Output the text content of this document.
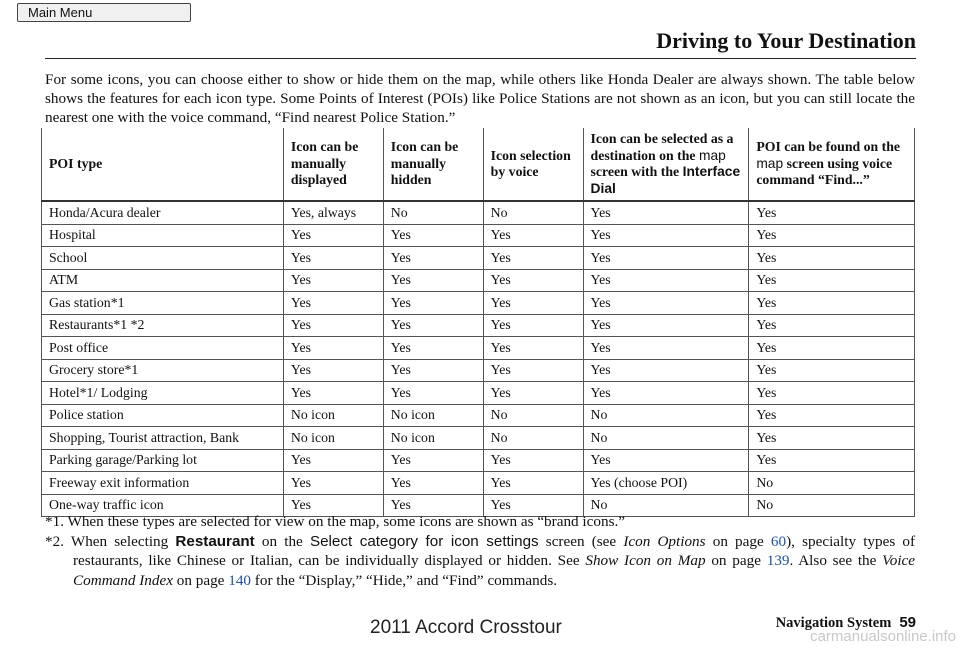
Main Menu
Driving to Your Destination

For some icons, you can choose either to show or hide them on the map, while others like Honda Dealer are always shown. The table below shows the features for each icon type. Some Points of Interest (POIs) like Police Stations are not shown as an icon, but you can still locate the nearest one with the voice command, “Find nearest Police Station.”

POI type	Icon can be manually displayed	Icon can be manually hidden	Icon selection by voice	Icon can be selected as a destination on the map screen with the Interface Dial	POI can be found on the map screen using voice command “Find...”
Honda/Acura dealer	Yes, always	No	No	Yes	Yes
Hospital	Yes	Yes	Yes	Yes	Yes
School	Yes	Yes	Yes	Yes	Yes
ATM	Yes	Yes	Yes	Yes	Yes
Gas station*1	Yes	Yes	Yes	Yes	Yes
Restaurants*1 *2	Yes	Yes	Yes	Yes	Yes
Post office	Yes	Yes	Yes	Yes	Yes
Grocery store*1	Yes	Yes	Yes	Yes	Yes
Hotel*1/ Lodging	Yes	Yes	Yes	Yes	Yes
Police station	No icon	No icon	No	No	Yes
Shopping, Tourist attraction, Bank	No icon	No icon	No	No	Yes
Parking garage/Parking lot	Yes	Yes	Yes	Yes	Yes
Freeway exit information	Yes	Yes	Yes	Yes (choose POI)	No
One-way traffic icon	Yes	Yes	Yes	No	No

*1. When these types are selected for view on the map, some icons are shown as “brand icons.”

*2. When selecting Restaurant on the Select category for icon settings screen (see Icon Options on page 60), specialty types of restaurants, like Chinese or Italian, can be individually displayed or hidden. See Show Icon on Map on page 139. Also see the Voice Command Index on page 140 for the “Display,” “Hide,” and “Find” commands.

2011 Accord Crosstour	Navigation System 59
carmanualsonline.info
